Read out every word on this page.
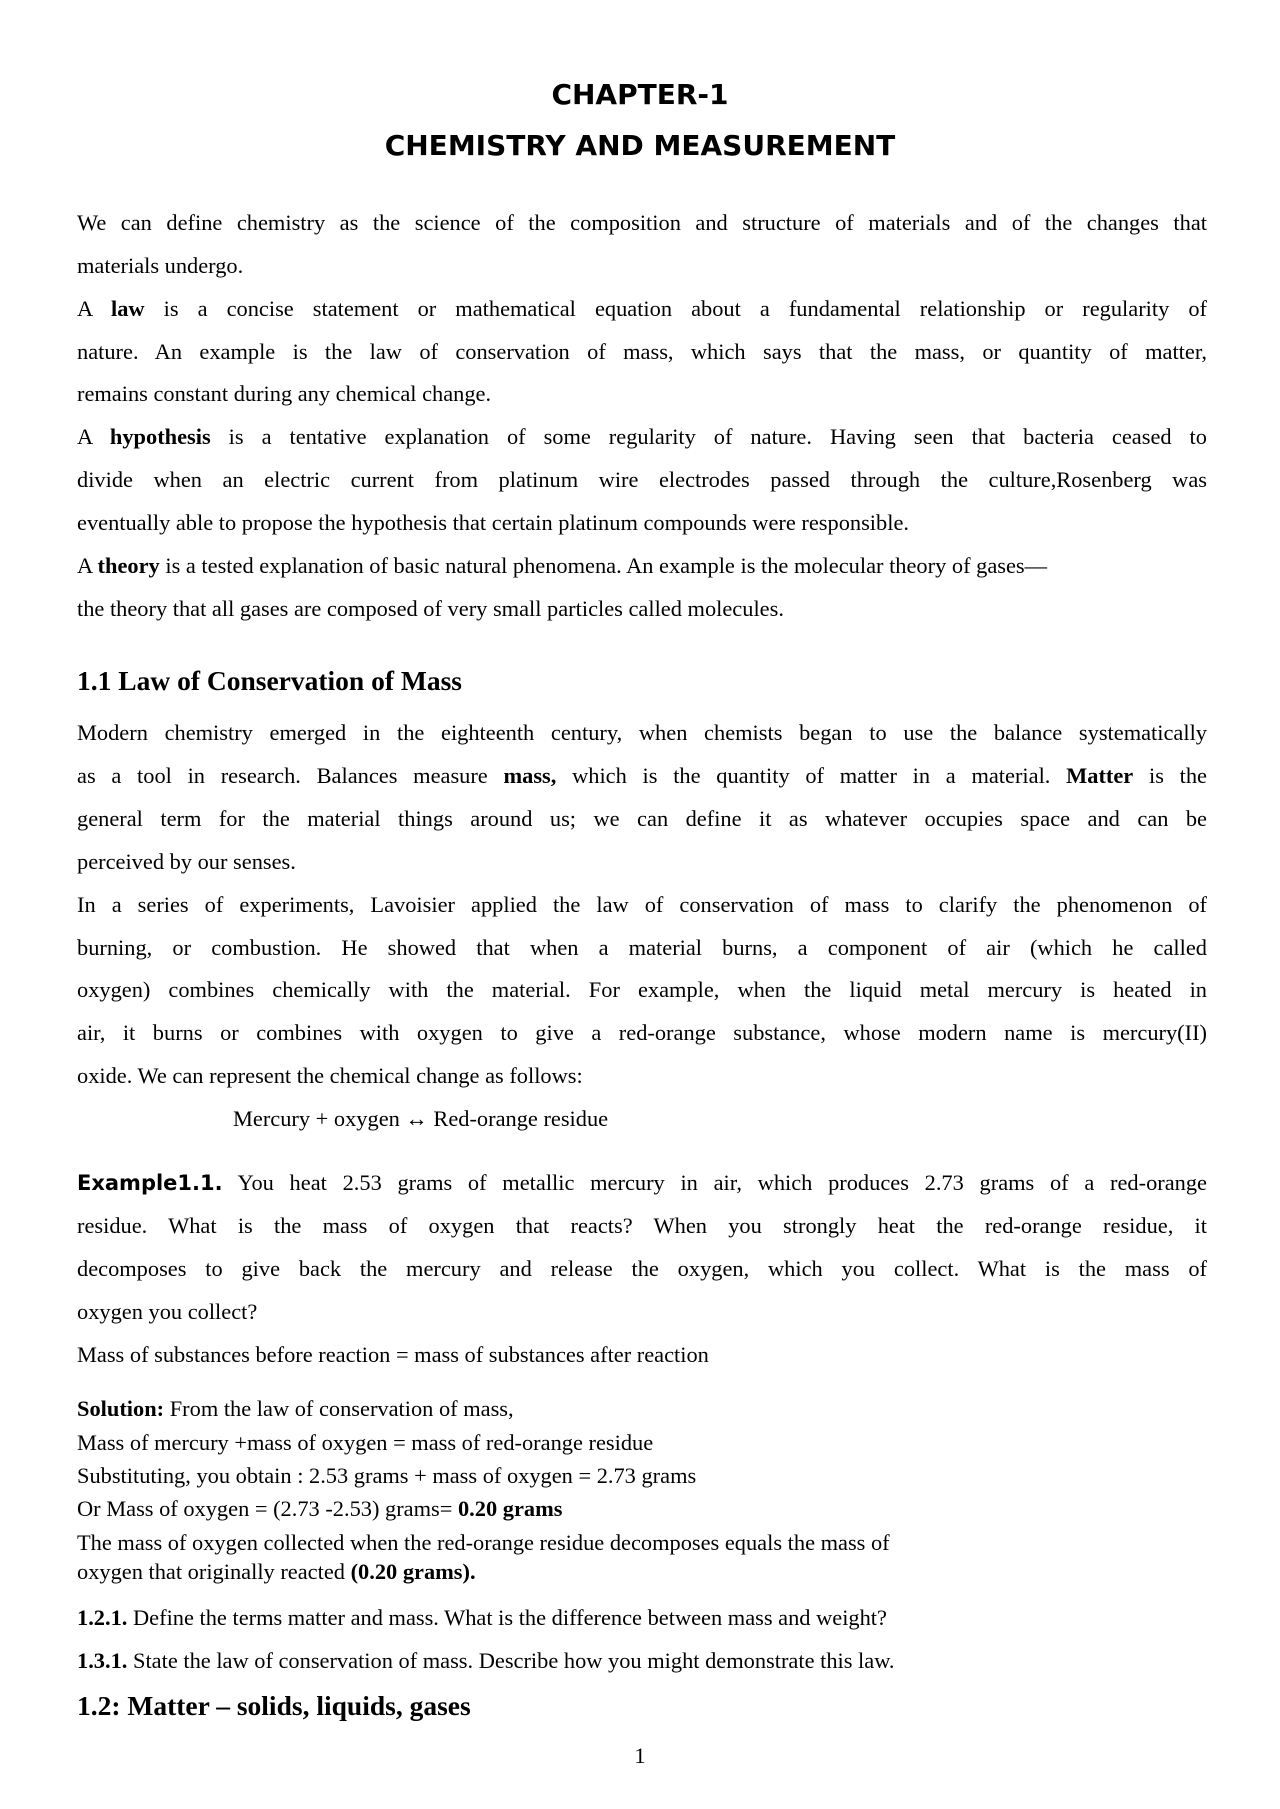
CHAPTER-1
CHEMISTRY AND MEASUREMENT
We can define chemistry as the science of the composition and structure of materials and of the changes that
materials undergo.
A law is a concise statement or mathematical equation about a fundamental relationship or regularity of
nature. An example is the law of conservation of mass, which says that the mass, or quantity of matter,
remains constant during any chemical change.
A hypothesis is a tentative explanation of some regularity of nature. Having seen that bacteria ceased to
divide when an electric current from platinum wire electrodes passed through the culture,Rosenberg was
eventually able to propose the hypothesis that certain platinum compounds were responsible.
A theory is a tested explanation of basic natural phenomena. An example is the molecular theory of gases—
the theory that all gases are composed of very small particles called molecules.
1.1 Law of Conservation of Mass
Modern chemistry emerged in the eighteenth century, when chemists began to use the balance systematically
as a tool in research. Balances measure mass, which is the quantity of matter in a material. Matter is the
general term for the material things around us; we can define it as whatever occupies space and can be
perceived by our senses.
In a series of experiments, Lavoisier applied the law of conservation of mass to clarify the phenomenon of
burning, or combustion. He showed that when a material burns, a component of air (which he called
oxygen) combines chemically with the material. For example, when the liquid metal mercury is heated in
air, it burns or combines with oxygen to give a red-orange substance, whose modern name is mercury(II)
oxide. We can represent the chemical change as follows:
Mercury + oxygen ↔ Red-orange residue
Example1.1. You heat 2.53 grams of metallic mercury in air, which produces 2.73 grams of a red-orange
residue. What is the mass of oxygen that reacts? When you strongly heat the red-orange residue, it
decomposes to give back the mercury and release the oxygen, which you collect. What is the mass of
oxygen you collect?
Mass of substances before reaction = mass of substances after reaction
Solution: From the law of conservation of mass,
Mass of mercury +mass of oxygen = mass of red-orange residue
Substituting, you obtain : 2.53 grams + mass of oxygen = 2.73 grams
Or Mass of oxygen = (2.73 -2.53) grams= 0.20 grams
The mass of oxygen collected when the red-orange residue decomposes equals the mass of
oxygen that originally reacted (0.20 grams).
1.2.1. Define the terms matter and mass. What is the difference between mass and weight?
1.3.1. State the law of conservation of mass. Describe how you might demonstrate this law.
1.2: Matter – solids, liquids, gases
1
